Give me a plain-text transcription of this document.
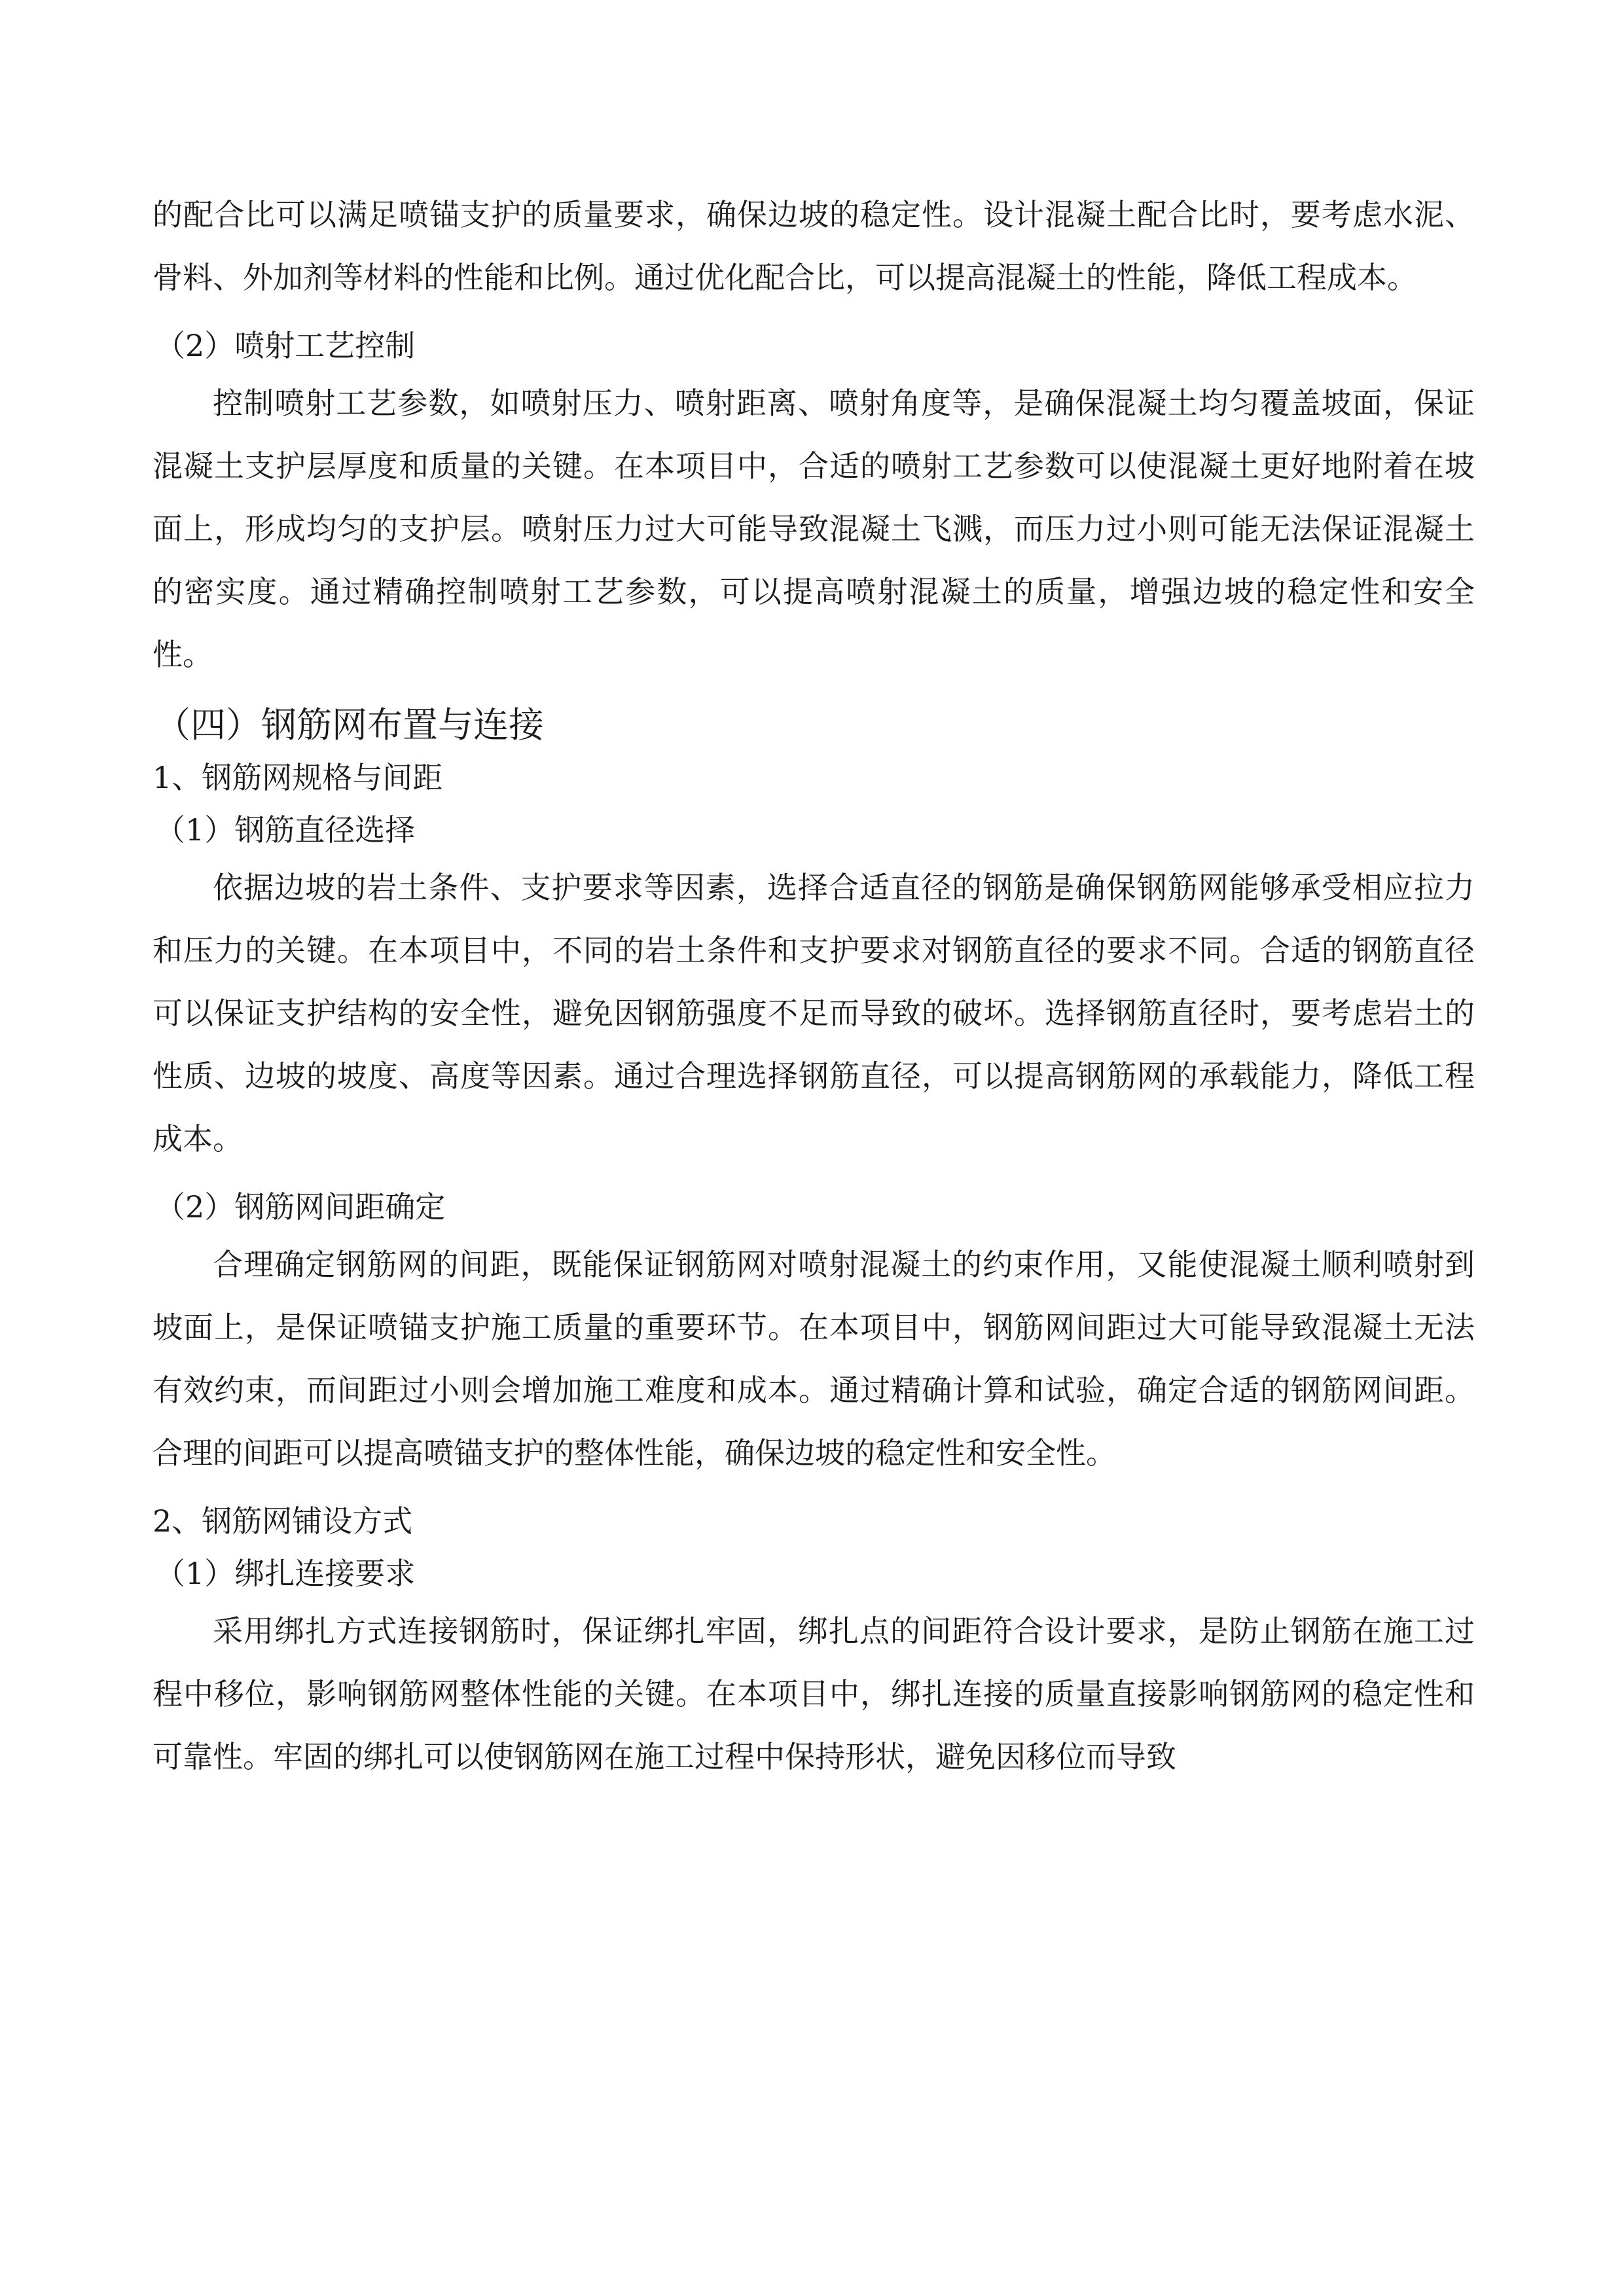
的配合比可以满足喷锚支护的质量要求，确保边坡的稳定性。设计混凝土配合比时，要考虑水泥、骨料、外加剂等材料的性能和比例。通过优化配合比，可以提高混凝土的性能，降低工程成本。

（2）喷射工艺控制

控制喷射工艺参数，如喷射压力、喷射距离、喷射角度等，是确保混凝土均匀覆盖坡面，保证混凝土支护层厚度和质量的关键。在本项目中，合适的喷射工艺参数可以使混凝土更好地附着在坡面上，形成均匀的支护层。喷射压力过大可能导致混凝土飞溅，而压力过小则可能无法保证混凝土的密实度。通过精确控制喷射工艺参数，可以提高喷射混凝土的质量，增强边坡的稳定性和安全性。

（四）钢筋网布置与连接

1、钢筋网规格与间距

（1）钢筋直径选择

依据边坡的岩土条件、支护要求等因素，选择合适直径的钢筋是确保钢筋网能够承受相应拉力和压力的关键。在本项目中，不同的岩土条件和支护要求对钢筋直径的要求不同。合适的钢筋直径可以保证支护结构的安全性，避免因钢筋强度不足而导致的破坏。选择钢筋直径时，要考虑岩土的性质、边坡的坡度、高度等因素。通过合理选择钢筋直径，可以提高钢筋网的承载能力，降低工程成本。

（2）钢筋网间距确定

合理确定钢筋网的间距，既能保证钢筋网对喷射混凝土的约束作用，又能使混凝土顺利喷射到坡面上，是保证喷锚支护施工质量的重要环节。在本项目中，钢筋网间距过大可能导致混凝土无法有效约束，而间距过小则会增加施工难度和成本。通过精确计算和试验，确定合适的钢筋网间距。合理的间距可以提高喷锚支护的整体性能，确保边坡的稳定性和安全性。

2、钢筋网铺设方式

（1）绑扎连接要求

采用绑扎方式连接钢筋时，保证绑扎牢固，绑扎点的间距符合设计要求，是防止钢筋在施工过程中移位，影响钢筋网整体性能的关键。在本项目中，绑扎连接的质量直接影响钢筋网的稳定性和可靠性。牢固的绑扎可以使钢筋网在施工过程中保持形状，避免因移位而导致
